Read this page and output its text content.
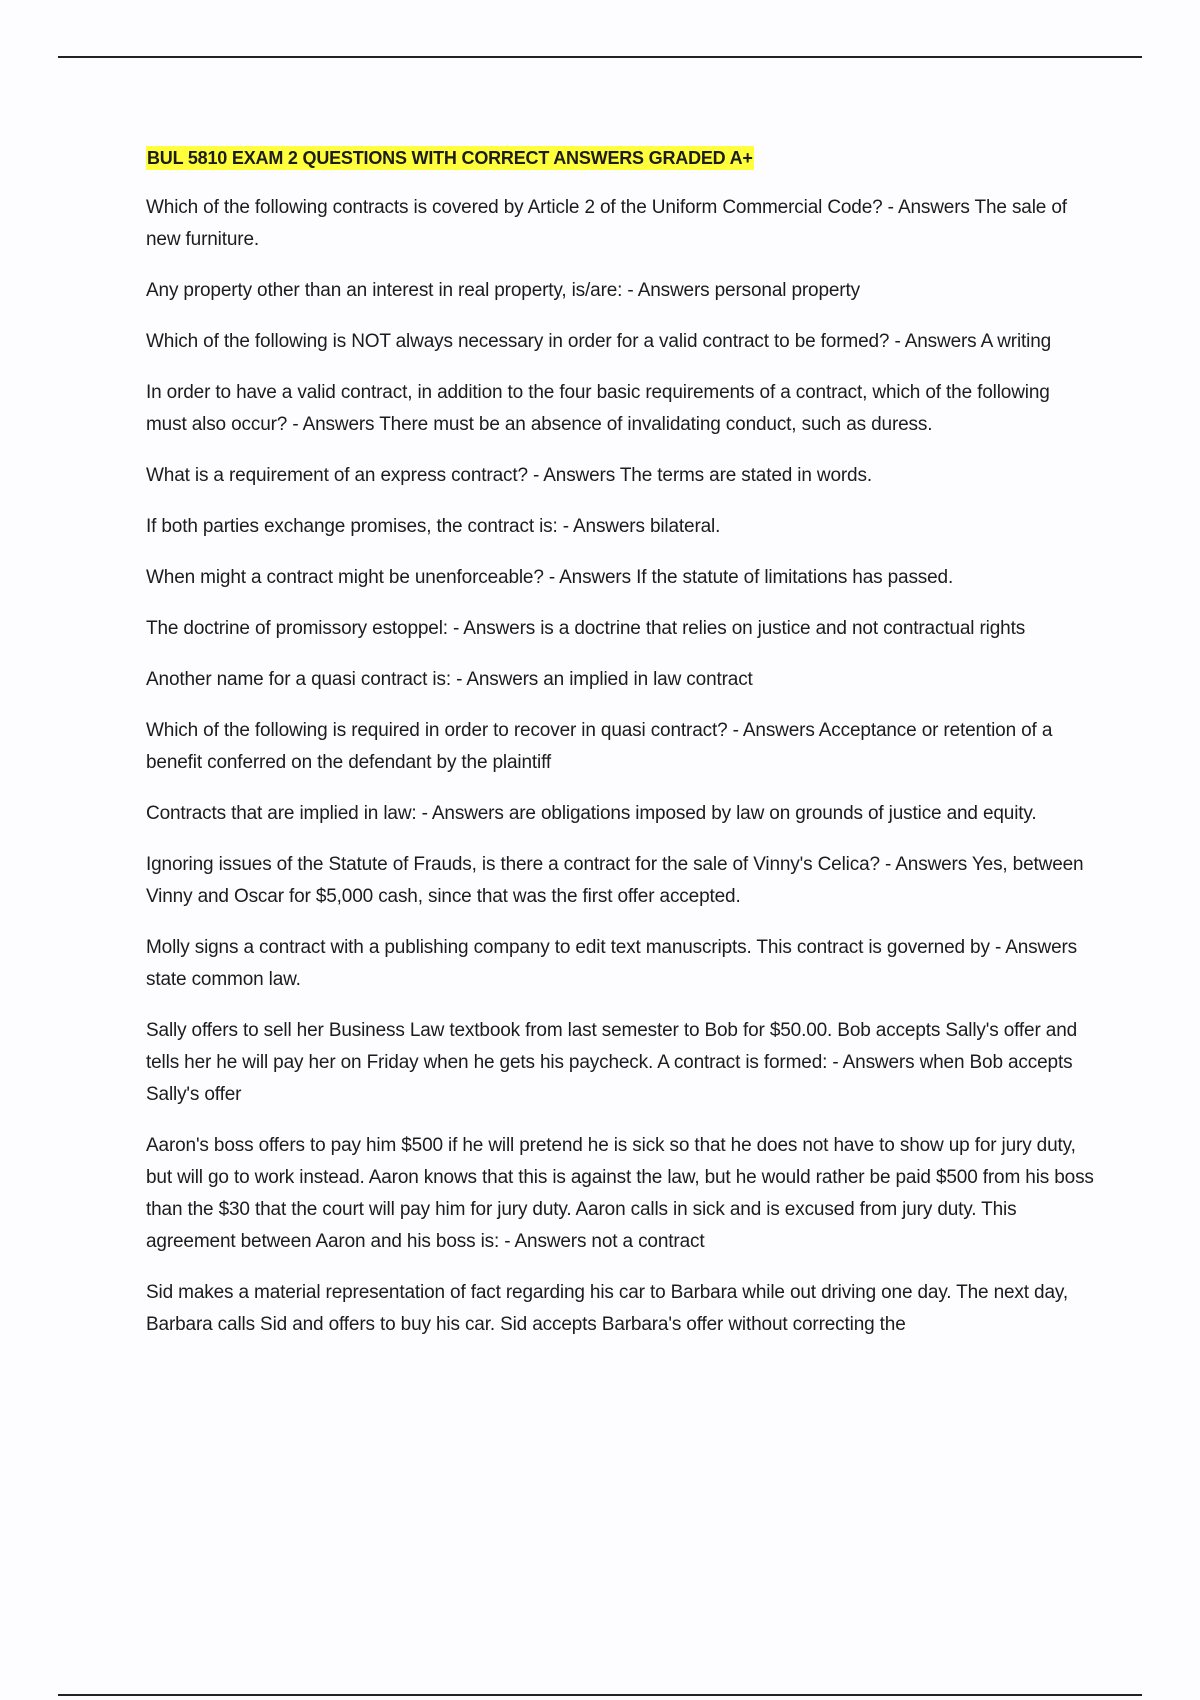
BUL 5810 EXAM 2 QUESTIONS WITH CORRECT ANSWERS GRADED A+

Which of the following contracts is covered by Article 2 of the Uniform Commercial Code? - Answers The sale of new furniture.

Any property other than an interest in real property, is/are: - Answers personal property

Which of the following is NOT always necessary in order for a valid contract to be formed? - Answers A writing

In order to have a valid contract, in addition to the four basic requirements of a contract, which of the following must also occur? - Answers There must be an absence of invalidating conduct, such as duress.

What is a requirement of an express contract? - Answers The terms are stated in words.

If both parties exchange promises, the contract is: - Answers bilateral.

When might a contract might be unenforceable? - Answers If the statute of limitations has passed.

The doctrine of promissory estoppel: - Answers is a doctrine that relies on justice and not contractual rights

Another name for a quasi contract is: - Answers an implied in law contract

Which of the following is required in order to recover in quasi contract? - Answers Acceptance or retention of a benefit conferred on the defendant by the plaintiff

Contracts that are implied in law: - Answers are obligations imposed by law on grounds of justice and equity.

Ignoring issues of the Statute of Frauds, is there a contract for the sale of Vinny's Celica? - Answers Yes, between Vinny and Oscar for $5,000 cash, since that was the first offer accepted.

Molly signs a contract with a publishing company to edit text manuscripts. This contract is governed by - Answers state common law.

Sally offers to sell her Business Law textbook from last semester to Bob for $50.00. Bob accepts Sally's offer and tells her he will pay her on Friday when he gets his paycheck. A contract is formed: - Answers when Bob accepts Sally's offer

Aaron's boss offers to pay him $500 if he will pretend he is sick so that he does not have to show up for jury duty, but will go to work instead. Aaron knows that this is against the law, but he would rather be paid $500 from his boss than the $30 that the court will pay him for jury duty. Aaron calls in sick and is excused from jury duty. This agreement between Aaron and his boss is: - Answers not a contract

Sid makes a material representation of fact regarding his car to Barbara while out driving one day. The next day, Barbara calls Sid and offers to buy his car. Sid accepts Barbara's offer without correcting the
